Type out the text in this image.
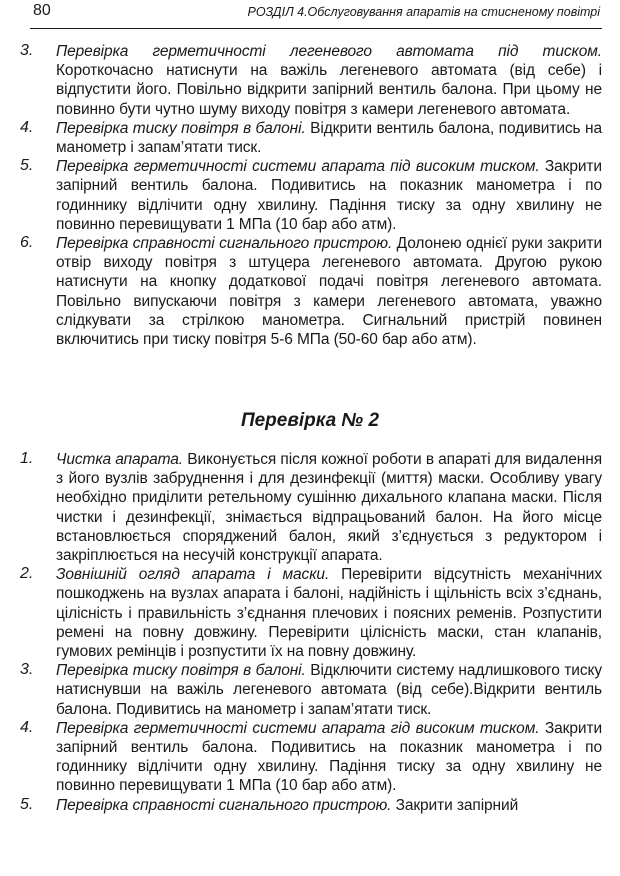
80	РОЗДІЛ 4.Обслуговування апаратів на стисненому повітрі
3.	Перевірка герметичності легеневого автомата під тиском. Короткочасно натиснути на важіль легеневого автомата (від себе) і відпустити його. Повільно відкрити запірний вентиль балона. При цьому не повинно бути чутно шуму виходу повітря з камери легеневого автомата.
4.	Перевірка тиску повітря в балоні. Відкрити вентиль балона, подивитись на манометр і запам’ятати тиск.
5.	Перевірка герметичності системи апарата під високим тиском. Закрити запірний вентиль балона. Подивитись на показник манометра і по годиннику відлічити одну хвилину. Падіння тиску за одну хвилину не повинно перевищувати 1 МПа (10 бар або атм).
6.	Перевірка справності сигнального пристрою. Долонею однієї руки закрити отвір виходу повітря з штуцера легеневого автомата. Другою рукою натиснути на кнопку додаткової подачі повітря легеневого автомата. Повільно випускаючи повітря з камери легеневого автомата, уважно слідкувати за стрілкою манометра. Сигнальний пристрій повинен включитись при тиску повітря 5-6 МПа (50-60 бар або атм).
Перевірка № 2
1.	Чистка апарата. Виконується після кожної роботи в апараті для видалення з його вузлів забруднення і для дезинфекції (миття) маски. Особливу увагу необхідно приділити ретельному сушінню дихального клапана маски. Після чистки і дезинфекції, знімається відпрацьований балон. На його місце встановлюється споряджений балон, який з’єднується з редуктором і закріплюється на несучій конструкції апарата.
2.	Зовнішній огляд апарата і маски. Перевірити відсутність механічних пошкоджень на вузлах апарата і балоні, надійність і щільність всіх з’єднань, цілісність і правильність з’єднання плечових і поясних ременів. Розпустити ремені на повну довжину. Перевірити цілісність маски, стан клапанів, гумових ремінців і розпустити їх на повну довжину.
3.	Перевірка тиску повітря в балоні. Відключити систему надлишкового тиску натиснувши на важіль легеневого автомата (від себе).Відкрити вентиль балона. Подивитись на манометр і запам’ятати тиск.
4.	Перевірка герметичності системи апарата гід високим тиском. Закрити запірний вентиль балона. Подивитись на показник манометра і по годиннику відлічити одну хвилину. Падіння тиску за одну хвилину не повинно перевищувати 1 МПа (10 бар або атм).
5.	Перевірка справності сигнального пристрою. Закрити запірний
